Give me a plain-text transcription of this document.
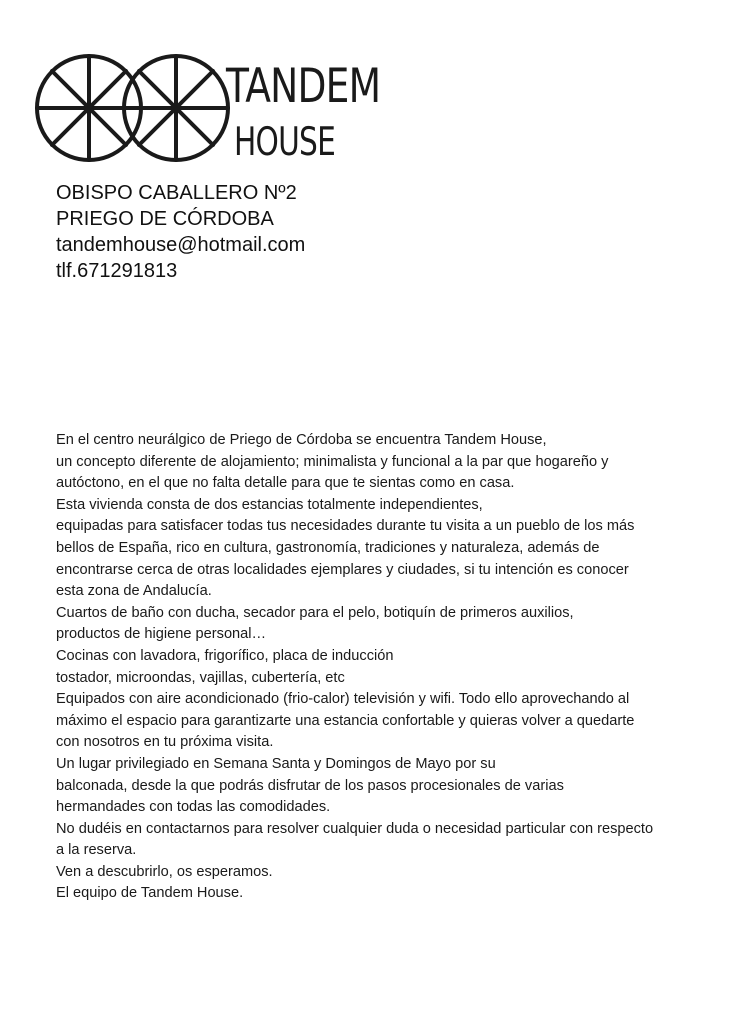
TANDEM
HOUSE
OBISPO CABALLERO Nº2
PRIEGO DE CÓRDOBA
tandemhouse@hotmail.com
tlf.671291813
En el centro neurálgico de Priego de Córdoba se encuentra Tandem House,
un concepto diferente de alojamiento; minimalista y funcional a la par que hogareño y
autóctono, en el que no falta detalle para que te sientas como en casa.
Esta vivienda consta de dos estancias totalmente independientes,
equipadas para satisfacer todas tus necesidades durante tu visita a un pueblo de los más
bellos de España, rico en cultura, gastronomía, tradiciones y naturaleza, además de
encontrarse cerca de otras localidades ejemplares y ciudades, si tu intención es conocer
esta zona de Andalucía.
Cuartos de baño con ducha, secador para el pelo, botiquín de primeros auxilios,
productos de higiene personal…
Cocinas con lavadora, frigorífico, placa de inducción
tostador, microondas, vajillas, cubertería, etc
Equipados con aire acondicionado (frio-calor) televisión y wifi. Todo ello aprovechando al
máximo el espacio para garantizarte una estancia confortable y quieras volver a quedarte
con nosotros en tu próxima visita.
Un lugar privilegiado en Semana Santa y Domingos de Mayo por su
balconada, desde la que podrás disfrutar de los pasos procesionales de varias
hermandades con todas las comodidades.
No dudéis en contactarnos para resolver cualquier duda o necesidad particular con respecto
a la reserva.
Ven a descubrirlo, os esperamos.
El equipo de Tandem House.
